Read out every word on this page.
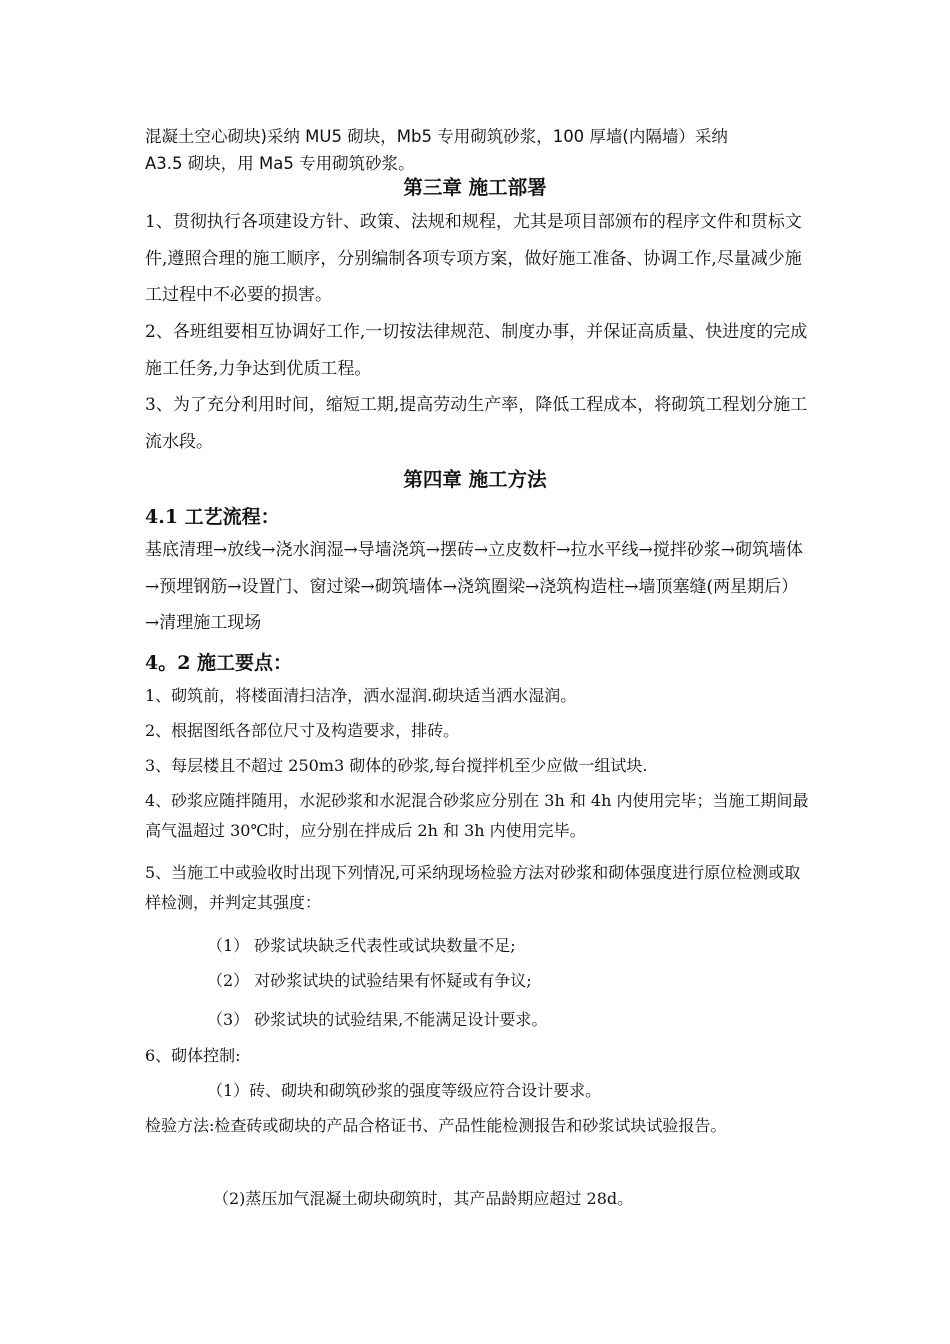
混凝土空心砌块)采纳 MU5 砌块，Mb5 专用砌筑砂浆，100 厚墙(内隔墙）采纳
A3.5 砌块，用 Ma5 专用砌筑砂浆。

第三章 施工部署

1、贯彻执行各项建设方针、政策、法规和规程，尤其是项目部颁布的程序文件和贯标文件,遵照合理的施工顺序，分别编制各项专项方案，做好施工准备、协调工作,尽量减少施工过程中不必要的损害。

2、各班组要相互协调好工作,一切按法律规范、制度办事，并保证高质量、快进度的完成施工任务,力争达到优质工程。

3、为了充分利用时间，缩短工期,提高劳动生产率，降低工程成本，将砌筑工程划分施工流水段。

第四章 施工方法
4.1 工艺流程：

基底清理→放线→浇水润湿→导墙浇筑→摆砖→立皮数杆→拉水平线→搅拌砂浆→砌筑墙体→预埋钢筋→设置门、窗过梁→砌筑墙体→浇筑圈梁→浇筑构造柱→墙顶塞缝(两星期后）→清理施工现场

4。2 施工要点：

1、砌筑前，将楼面清扫洁净，洒水湿润.砌块适当洒水湿润。

2、根据图纸各部位尺寸及构造要求，排砖。

3、每层楼且不超过 250m3 砌体的砂浆,每台搅拌机至少应做一组试块.

4、砂浆应随拌随用，水泥砂浆和水泥混合砂浆应分别在 3h 和 4h 内使用完毕；当施工期间最高气温超过 30℃时，应分别在拌成后 2h 和 3h 内使用完毕。

5、当施工中或验收时出现下列情况,可采纳现场检验方法对砂浆和砌体强度进行原位检测或取样检测，并判定其强度：

（1） 砂浆试块缺乏代表性或试块数量不足;

（2） 对砂浆试块的试验结果有怀疑或有争议;

（3） 砂浆试块的试验结果,不能满足设计要求。

6、砌体控制:

（1）砖、砌块和砌筑砂浆的强度等级应符合设计要求。

检验方法:检查砖或砌块的产品合格证书、产品性能检测报告和砂浆试块试验报告。

（2)蒸压加气混凝土砌块砌筑时，其产品龄期应超过 28d。
